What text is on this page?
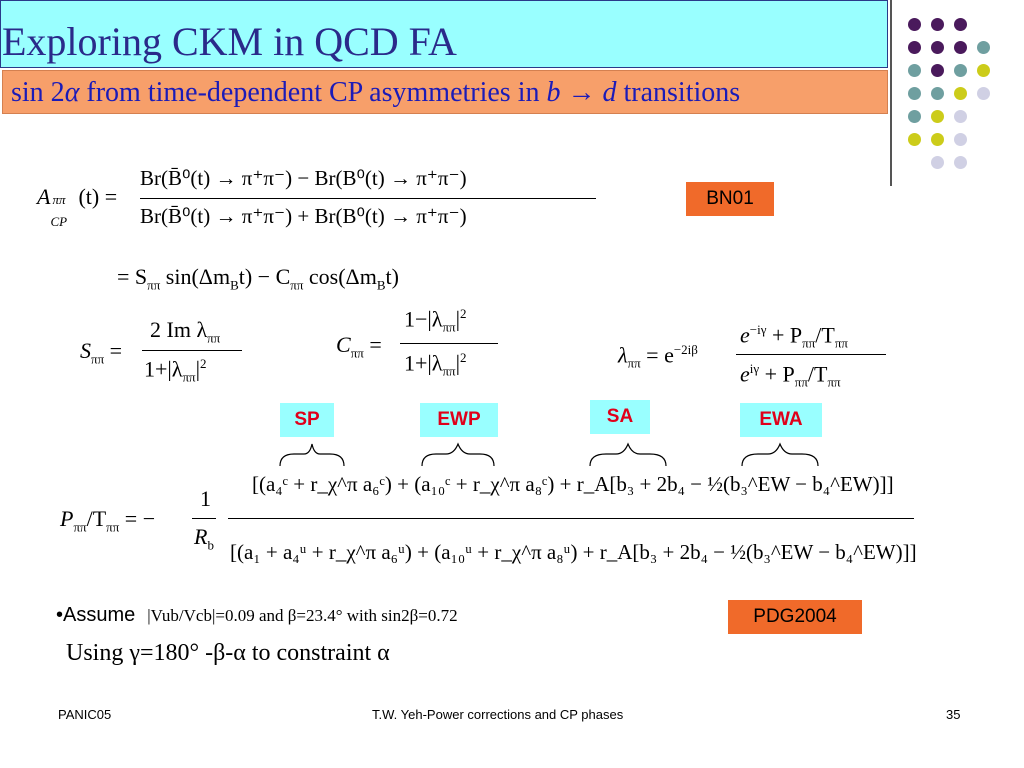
Exploring CKM in QCD FA
sin 2α from time-dependent CP asymmetries in b → d transitions
BN01
SP	EWP	SA	EWA
PDG2004
A ππ
CP
(t) =
Br(B̄⁰(t) → π⁺π⁻) − Br(B⁰(t) → π⁺π⁻)
Br(B̄⁰(t) → π⁺π⁻) + Br(B⁰(t) → π⁺π⁻)
= $S_{\pi\pi}$ $\sin(\Delta m_Bt) - C_{\pi\pi}$ $\cos(\Delta m_Bt)$
$S_{\pi\pi}$ =
2 Im $\lambda_{\pi\pi}$
$1+|\lambda_{\pi\pi}|^2$
$C_{\pi\pi}$ =
$1-|\lambda_{\pi\pi}|^2$
$1+|\lambda_{\pi\pi}|^2$	$\lambda_{\pi\pi} = e^{-2i\beta}$
$e^{-i\gamma} + P_{\pi\pi}/T_{\pi\pi}$
$e^{i\gamma} + P_{\pi\pi}/T_{\pi\pi}$
$P_{\pi\pi}/T_{\pi\pi}$ = −
1
$R_b$
[(a₄ᶜ + r_χ^π a₆ᶜ) + (a₁₀ᶜ + r_χ^π a₈ᶜ) + r_A[b₃ + 2b₄ − ½(b₃^EW − b₄^EW)]]
[(a₁ + a₄ᵘ + r_χ^π a₆ᵘ) + (a₁₀ᵘ + r_χ^π a₈ᵘ) + r_A[b₃ + 2b₄ − ½(b₃^EW − b₄^EW)]]
•Assume |Vub/Vcb|=0.09 and β=23.4° with sin2β=0.72
Using γ=180° -β-α to constraint α
PANIC05	T.W. Yeh-Power corrections and CP phases	35
